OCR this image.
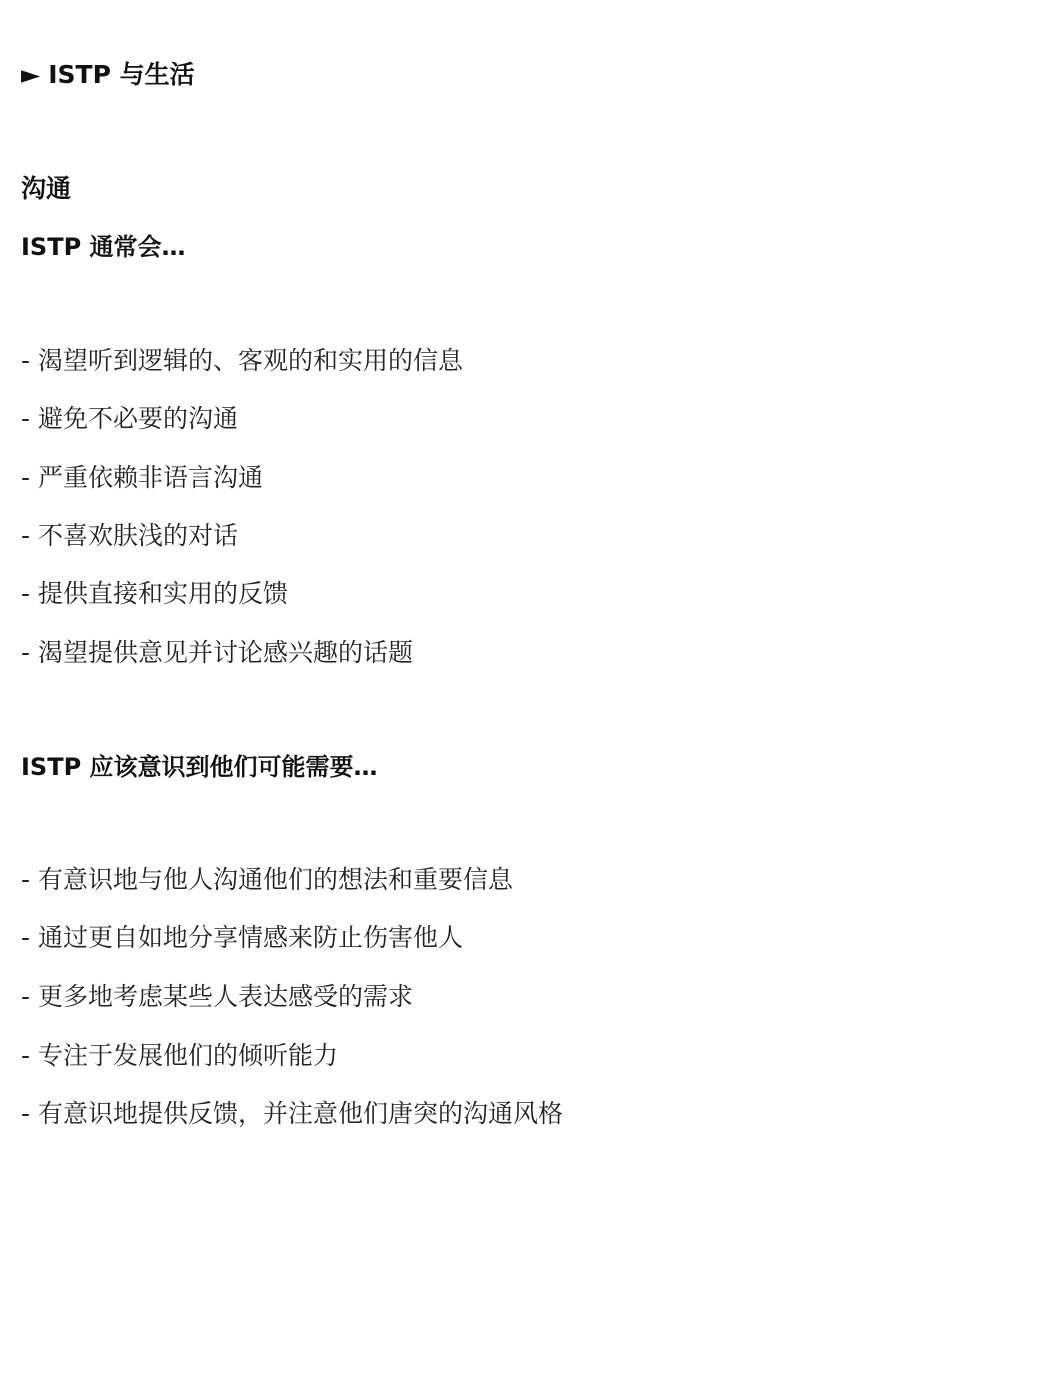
► ISTP 与生活
沟通
ISTP 通常会…
- 渴望听到逻辑的、客观的和实用的信息
- 避免不必要的沟通
- 严重依赖非语言沟通
- 不喜欢肤浅的对话
- 提供直接和实用的反馈
- 渴望提供意见并讨论感兴趣的话题
ISTP 应该意识到他们可能需要…
- 有意识地与他人沟通他们的想法和重要信息
- 通过更自如地分享情感来防止伤害他人
- 更多地考虑某些人表达感受的需求
- 专注于发展他们的倾听能力
- 有意识地提供反馈，并注意他们唐突的沟通风格
